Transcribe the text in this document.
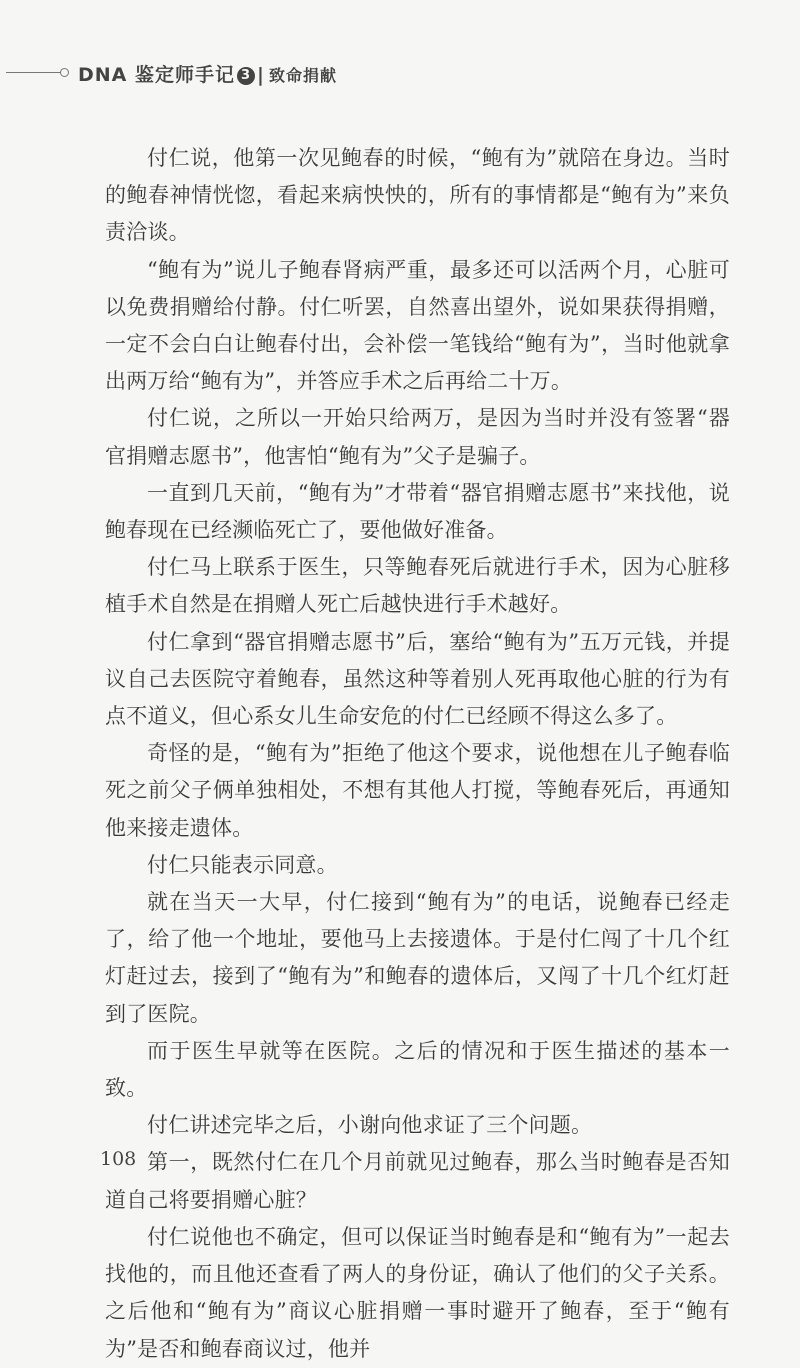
DNA 鉴定师手记 3 | 致命捐献

付仁说，他第一次见鲍春的时候，“鲍有为”就陪在身边。当时的鲍春神情恍惚，看起来病怏怏的，所有的事情都是“鲍有为”来负责洽谈。

“鲍有为”说儿子鲍春肾病严重，最多还可以活两个月，心脏可以免费捐赠给付静。付仁听罢，自然喜出望外，说如果获得捐赠，一定不会白白让鲍春付出，会补偿一笔钱给“鲍有为”，当时他就拿出两万给“鲍有为”，并答应手术之后再给二十万。

付仁说，之所以一开始只给两万，是因为当时并没有签署“器官捐赠志愿书”，他害怕“鲍有为”父子是骗子。

一直到几天前，“鲍有为”才带着“器官捐赠志愿书”来找他，说鲍春现在已经濒临死亡了，要他做好准备。

付仁马上联系于医生，只等鲍春死后就进行手术，因为心脏移植手术自然是在捐赠人死亡后越快进行手术越好。

付仁拿到“器官捐赠志愿书”后，塞给“鲍有为”五万元钱，并提议自己去医院守着鲍春，虽然这种等着别人死再取他心脏的行为有点不道义，但心系女儿生命安危的付仁已经顾不得这么多了。

奇怪的是，“鲍有为”拒绝了他这个要求，说他想在儿子鲍春临死之前父子俩单独相处，不想有其他人打搅，等鲍春死后，再通知他来接走遗体。

付仁只能表示同意。

就在当天一大早，付仁接到“鲍有为”的电话，说鲍春已经走了，给了他一个地址，要他马上去接遗体。于是付仁闯了十几个红灯赶过去，接到了“鲍有为”和鲍春的遗体后，又闯了十几个红灯赶到了医院。

而于医生早就等在医院。之后的情况和于医生描述的基本一致。

付仁讲述完毕之后，小谢向他求证了三个问题。

第一，既然付仁在几个月前就见过鲍春，那么当时鲍春是否知道自己将要捐赠心脏？

付仁说他也不确定，但可以保证当时鲍春是和“鲍有为”一起去找他的，而且他还查看了两人的身份证，确认了他们的父子关系。之后他和“鲍有为”商议心脏捐赠一事时避开了鲍春，至于“鲍有为”是否和鲍春商议过，他并

108
